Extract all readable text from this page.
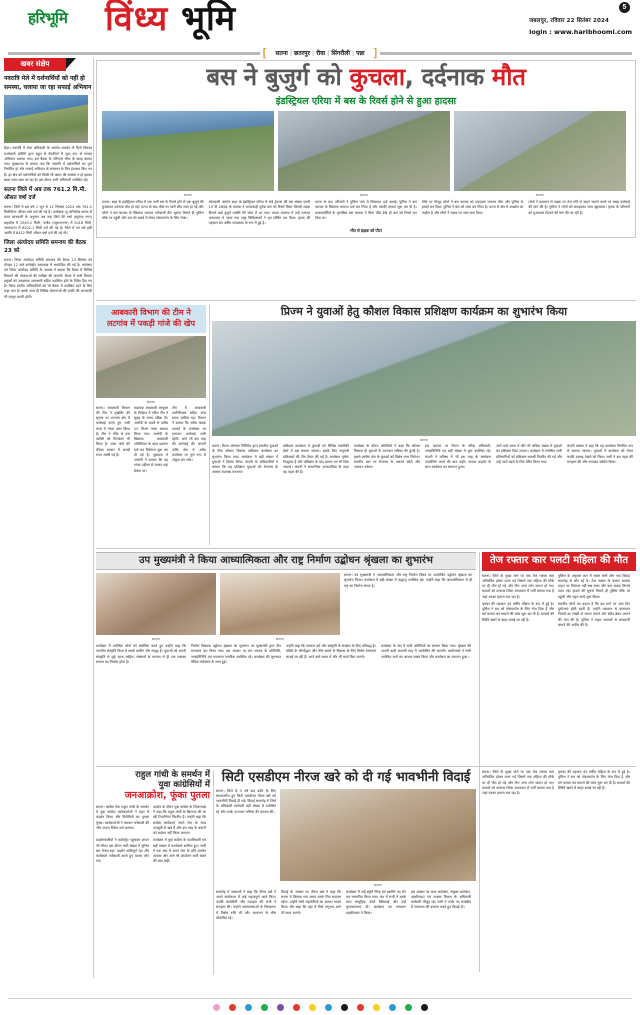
हरिभूमि विंध्य भूमि	5
जबलपुर, रविवार 22 सितंबर 2024
login : www.haribhoomi.com
[	सतना | छतरपुर | रीवा | सिंगरौली | पन्ना ]
खबर संक्षेप
नवरात्रि मेले में दर्शनार्थियों को नहीं हो समस्या, चलाया जा रहा सफाई अभियान
मैहर। नवरात्रि में मेला अधिकारी के अंतर्गत शारदेय नौ दिनों त्रिकाल कार्यकारी समिति द्वारा बहुत से तैयारियों में जुटा रूप से समस्त अभियान चलाया गया। इस बैठक के परिणाम चीफ के बारह बंटाया गया। मुख्यालय से बताया गया कि नवरात्रि में दर्शनार्थियों का पूर्ण निर्धारित हो और सफाई अभियान के संचालन के लिए इंतजाम किए गए हैं। हर क्षेत्र को दर्शनार्थियों को किसी भी प्रकार की समस्या न हो इसका खास ध्यान रखा जा रहा है। इस दौरान सभी अधिकारी उपस्थित रहे।
सतना जिले में अब तक 761.2 मि.मी. औसत वर्षा दर्ज
सतना। जिले में इस वर्ष 1 जून से 21 सितंबर 2024 तक 761.2 मिलीमीटर औसत वर्षा दर्ज की गई है। अधीक्षक भू-अभिलेख सतना से प्राप्त जानकारी के अनुसार अब तक जिले की वर्षा (रघुराज नगर) सहकौल में 1549.2 मिमी, नागौद (रघुराजनगर) में 5016 मिमी, अमरपाटन में 6202.1 मिमी दर्ज की गई है। जिले में गत वर्ष इसी अवधि में 8412 मिमी औसत वर्षा दर्ज की गई थी।
जिला अंत्योदय समिति समन्वय की बैठक 23 को
सतना। जिला अंत्योदय समिति समन्वय की बैठक 23 सितंबर को दोपहर 12 बजे कलेक्ट्रेट सभाकक्ष में आयोजित की गई है। कलेक्टर एवं जिला अंत्योदय समिति के अध्यक्ष ने बताया कि बैठक में विभिन्न विभागों की योजनाओं की समीक्षा की जाएगी। बैठक में सभी विभाग प्रमुखों को आवश्यक जानकारी सहित उपस्थित होने के निर्देश दिए गए हैं। जिला स्तरीय अधिकारियों को भी बैठक में उपस्थित रहने के लिए कहा गया है। इसके साथ ही विभिन्न योजनाओं की प्रगति की जानकारी भी प्रस्तुत करनी होगी।
बस ने बुजुर्ग को कुचला, दर्दनाक मौत
इंडस्ट्रियल एरिया में बस के रिवर्स होने से हुआ हादसा
सतना।	सतना।	सतना।
सतना। शहर के इंडस्ट्रियल एरिया में एक यात्री बस के रिवर्स होने से एक बुजुर्ग की कुचलकर दर्दनाक मौत हो गई। घटना के बाद मौके पर भारी भीड़ जमा हो गई और लोगों ने बस चालक के खिलाफ जमकर नारेबाजी की। सूचना मिलते ही पुलिस मौके पर पहुंची और शव को कब्जे में लेकर पोस्टमार्टम के लिए भेजा।
कोतवाली अंतर्गत शहर के इंडस्ट्रियल एरिया में अंबे ट्रेवल्स की बस संख्या एमपी 19 पी 2656 के चालक ने लापरवाही पूर्वक बस को रिवर्स किया जिससे सड़क किनारे खड़े बुजुर्ग व्यक्ति की चपेट में आ गया। घायल अवस्था में उन्हें तत्काल अस्पताल ले जाया गया जहां चिकित्सकों ने मृत घोषित कर दिया। मृतक की पहचान 65 वर्षीय रामप्रसाद के रूप में हुई है।
घटना के बाद परिजनों ने पुलिस थाने में शिकायत दर्ज कराई। पुलिस ने बस चालक के खिलाफ मामला दर्ज कर लिया है और उसकी तलाश शुरू कर दी है। प्रत्यक्षदर्शियों के मुताबिक बस चालक ने बिना पीछे देखे ही बस को रिवर्स कर दिया था।
मौके पर मौजूद लोगों ने बस चालक को पकड़कर जमकर पीटा और पुलिस के हवाले कर दिया। पुलिस ने बस को जब्त कर लिया है। घटना से क्षेत्र में आक्रोश का माहौल है और लोगों ने सड़क पर जाम लगा दिया।
लोगों ने प्रशासन से सड़क पर तेज गति से वाहन चलाने वालों पर सख्त कार्रवाई की मांग की है। पुलिस ने लोगों को समझाकर जाम खुलवाया। मृतक के परिजनों को मुआवजा दिलाने की मांग की जा रही है।
मौत से झड़क को पीटा
आबकारी विभाग की टीम ने लटगांव में पकड़ी गांजे की खेप
सतना।
सतना। आबकारी विभाग की टीम ने मुखबिर की सूचना पर लटगांव क्षेत्र में कार्रवाई करते हुए भारी मात्रा में गांजा जब्त किया है। टीम ने मौके से एक व्यक्ति को गिरफ्तार भी किया है। जब्त गांजे की कीमत बाजार में लाखों रुपए आंकी गई है।
सहायक आबकारी आयुक्त के निर्देशन में गठित टीम ने सुबह के समय दबिश दी। आरोपी के कब्जे से करीब 20 किलो गांजा बरामद किया गया। आरोपी के खिलाफ आबकारी अधिनियम के तहत प्रकरण दर्ज कर विवेचना शुरू कर दी गई है। पूछताछ में आरोपी ने बताया कि वह गांजा उड़ीसा से लाकर यहां बेचता था।
टीम में आबकारी उपनिरीक्षक सहित अन्य स्टाफ शामिल रहा। विभाग ने बताया कि अवैध मादक पदार्थों के कारोबार पर लगातार कार्रवाई जारी रहेगी। आगे भी इस तरह की कार्रवाई की जाएगी ताकि क्षेत्र में अवैध कारोबार पर पूर्ण रूप से अंकुश लग सके।
प्रिज्म ने युवाओं हेतु कौशल विकास प्रशिक्षण कार्यक्रम का शुभारंभ किया
सतना।
सतना। प्रिज्म जॉनसन लिमिटेड द्वारा स्थानीय युवाओं के लिए कौशल विकास प्रशिक्षण कार्यक्रम का शुभारंभ किया गया। कार्यक्रम में बड़ी संख्या में युवाओं ने हिस्सा लिया। कंपनी के अधिकारियों ने बताया कि यह प्रशिक्षण युवाओं को रोजगार के अवसर उपलब्ध कराएगा।
प्रशिक्षण कार्यक्रम में युवाओं को विभिन्न तकनीकी क्षेत्रों में दक्ष बनाया जाएगा। इसके लिए अनुभवी प्रशिक्षकों की टीम तैयार की गई है। कार्यक्रम पूर्णतः निःशुल्क है और प्रशिक्षण के बाद प्रमाण पत्र भी दिया जाएगा। कंपनी ने सामाजिक उत्तरदायित्व के तहत यह पहल की है।
कार्यक्रम के दौरान अतिथियों ने कहा कि कौशल विकास ही युवाओं के उज्ज्वल भविष्य की कुंजी है। इससे ग्रामीण क्षेत्र के युवाओं को विशेष लाभ मिलेगा। स्थानीय स्तर पर रोजगार के अवसर बढ़ेंगे और पलायन रुकेगा।
इस अवसर पर प्रिज्म के वरिष्ठ अधिकारी, जनप्रतिनिधि एवं बड़ी संख्या में युवा उपस्थित रहे। कंपनी ने भविष्य में भी इस तरह के कार्यक्रम आयोजित करने की बात कही। आभार प्रदर्शन के साथ कार्यक्रम का समापन हुआ।
आने वाले समय में और भी अधिक संख्या में युवाओं को प्रशिक्षण दिया जाएगा। कार्यक्रम में उपस्थित सभी प्रतिभागियों को प्रशिक्षण सामग्री वितरित की गई और उन्हें आगे बढ़ने के लिए प्रेरित किया गया।
कंपनी प्रबंधन ने कहा कि यह कार्यक्रम नियमित रूप से चलाया जाएगा। युवाओं में कार्यक्रम को लेकर काफी उत्साह देखने को मिला। सभी ने इस पहल की सराहना की और धन्यवाद ज्ञापित किया।
उप मुख्यमंत्री ने किया आध्यात्मिकता और राष्ट्र निर्माण उद्बोधन श्रृंखला का शुभारंभ
सतना।	सतना।
सतना। उप मुख्यमंत्री ने आध्यात्मिकता और राष्ट्र निर्माण विषय पर आयोजित उद्बोधन श्रृंखला का शुभारंभ किया। कार्यक्रम में बड़ी संख्या में श्रद्धालु उपस्थित रहे। उन्होंने कहा कि आध्यात्मिकता से ही राष्ट्र का निर्माण संभव है।
कार्यक्रम में उपस्थित लोगों को संबोधित करते हुए उन्होंने कहा कि भारतीय संस्कृति विश्व में सबसे प्राचीन और समृद्ध है। युवाओं को अपनी संस्कृति से जुड़े रहना चाहिए। संस्कारों के माध्यम से ही एक सशक्त समाज का निर्माण होता है।
निर्माण विषयक उद्बोधन श्रृंखला का शुभारंभ उप मुख्यमंत्री द्वारा दीप प्रज्वलन कर किया गया। इस अवसर पर संत समाज के प्रतिनिधि, जनप्रतिनिधि एवं गणमान्य नागरिक उपस्थित रहे। कार्यक्रम की शुरुआत वैदिक मंत्रोच्चार के साथ हुई।
उन्होंने कहा कि सरकार धर्म और संस्कृति के संरक्षण के लिए प्रतिबद्ध है। मंदिरों के जीर्णोद्धार और तीर्थ स्थलों के विकास के लिए विशेष योजनाएं चलाई जा रही हैं। आने वाले समय में और भी कार्य किए जाएंगे।
कार्यक्रम के अंत में सभी अतिथियों का सम्मान किया गया। श्रृंखला की अगली कड़ी आगामी माह में आयोजित की जाएगी। आयोजकों ने सभी उपस्थित जनों का आभार व्यक्त किया और कार्यक्रम का समापन हुआ।
तेज रफ्तार कार पलटी महिला की मौत
सतना। जिले के मुख्य मार्ग पर एक तेज रफ्तार कार अनियंत्रित होकर पलट गई जिसमें एक महिला की मौके पर ही मौत हो गई और तीन अन्य लोग घायल हो गए। घायलों को तत्काल जिला अस्पताल में भर्ती कराया गया है जहां उनका इलाज चल रहा है।
पुलिस के अनुसार कार में सवार सभी लोग एक विवाह समारोह से लौट रहे थे। तेज रफ्तार के कारण चालक वाहन पर नियंत्रण नहीं रख सका और कार सड़क किनारे पलट गई। हादसे की सूचना मिलते ही पुलिस मौके पर पहुंची और राहत कार्य शुरू किया।
मृतका की पहचान 45 वर्षीय महिला के रूप में हुई है। पुलिस ने शव को पोस्टमार्टम के लिए भेज दिया है और मर्ग कायम कर मामले की जांच शुरू कर दी है। घायलों की स्थिति खतरे से बाहर बताई जा रही है।
स्थानीय लोगों का कहना है कि इस मार्ग पर आए दिन दुर्घटनाएं होती रहती हैं। उन्होंने प्रशासन से यातायात नियमों का सख्ती से पालन कराने और स्पीड ब्रेकर लगाने की मांग की है। पुलिस ने वाहन चालकों से सावधानी बरतने की अपील की है।
राहुल गांधी के समर्थन में
युवा कांग्रेसियों में
जनआक्रोश, फूंका पुतला
सतना। कांग्रेस नेता राहुल गांधी के समर्थन में युवा कांग्रेस कार्यकर्ताओं ने शहर में प्रदर्शन किया और विरोधियों का पुतला फूंका। कार्यकर्ताओं ने जमकर नारेबाजी की और अपना विरोध दर्ज कराया।
प्रदर्शन के दौरान युवा कांग्रेस के जिलाध्यक्ष ने कहा कि राहुल गांधी के खिलाफ की जा रही टिप्पणियां निंदनीय हैं। उन्होंने कहा कि कांग्रेस कार्यकर्ता अपने नेता के साथ मजबूती से खड़े हैं और इस तरह के बयानों को बर्दाश्त नहीं किया जाएगा।
प्रदर्शनकारियों ने कलेक्ट्रेट पहुंचकर ज्ञापन भी सौंपा। इस दौरान भारी संख्या में पुलिस बल तैनात रहा। प्रदर्शन शांतिपूर्ण रहा और कार्यकर्ता नारेबाजी करते हुए वापस लौट गए।
कार्यक्रम में युवा कांग्रेस के पदाधिकारी एवं बड़ी संख्या में कार्यकर्ता शामिल हुए। सभी ने एक स्वर में अपने नेता के प्रति समर्थन जताया और आगे भी आंदोलन जारी रखने की बात कही।
सिटी एसडीएम नीरज खरे को दी गई भावभीनी विदाई
सतना। जिले से 3 वर्ष बाद इंदौर के लिए स्थानांतरित हुए सिटी एसडीएम नीरज खरे को भावभीनी विदाई दी गई। विदाई समारोह में जिले के अधिकारी कर्मचारी बड़ी संख्या में उपस्थित रहे और उनके उज्ज्वल भविष्य की कामना की।
सतना।
समारोह में वक्ताओं ने कहा कि नीरज खरे ने अपने कार्यकाल में कई महत्वपूर्ण कार्य किए। उनकी कार्यशैली और व्यवहार की सभी ने सराहना की। उन्होंने जनसमस्याओं के निराकरण में विशेष रुचि ली और आमजन के बीच लोकप्रिय रहे।
विदाई के अवसर पर नीरज खरे ने कहा कि सतना में बिताया गया समय उनके लिए यादगार रहेगा। उन्होंने सभी सहयोगियों का आभार व्यक्त किया और कहा कि यहां से मिले अनुभव आगे भी काम आएंगे।
कार्यक्रम में उन्हें स्मृति चिन्ह एवं प्रशस्ति पत्र भेंट कर सम्मानित किया गया। अंत में सभी ने उनके साथ सामूहिक फोटो खिंचवाई और उन्हें शुभकामनाएं दीं। कार्यक्रम का संचालन तहसीलदार ने किया।
इस अवसर पर अपर कलेक्टर, संयुक्त कलेक्टर, तहसीलदार एवं राजस्व विभाग के अधिकारी कर्मचारी मौजूद रहे। सभी ने उनके नए कार्यक्षेत्र में सफलता की कामना करते हुए विदाई दी।
सतना। जिले के मुख्य मार्ग पर एक तेज रफ्तार कार अनियंत्रित होकर पलट गई जिसमें एक महिला की मौके पर ही मौत हो गई और तीन अन्य लोग घायल हो गए। घायलों को तत्काल जिला अस्पताल में भर्ती कराया गया है जहां उनका इलाज चल रहा है।
मृतका की पहचान 45 वर्षीय महिला के रूप में हुई है। पुलिस ने शव को पोस्टमार्टम के लिए भेज दिया है और मर्ग कायम कर मामले की जांच शुरू कर दी है। घायलों की स्थिति खतरे से बाहर बताई जा रही है।
